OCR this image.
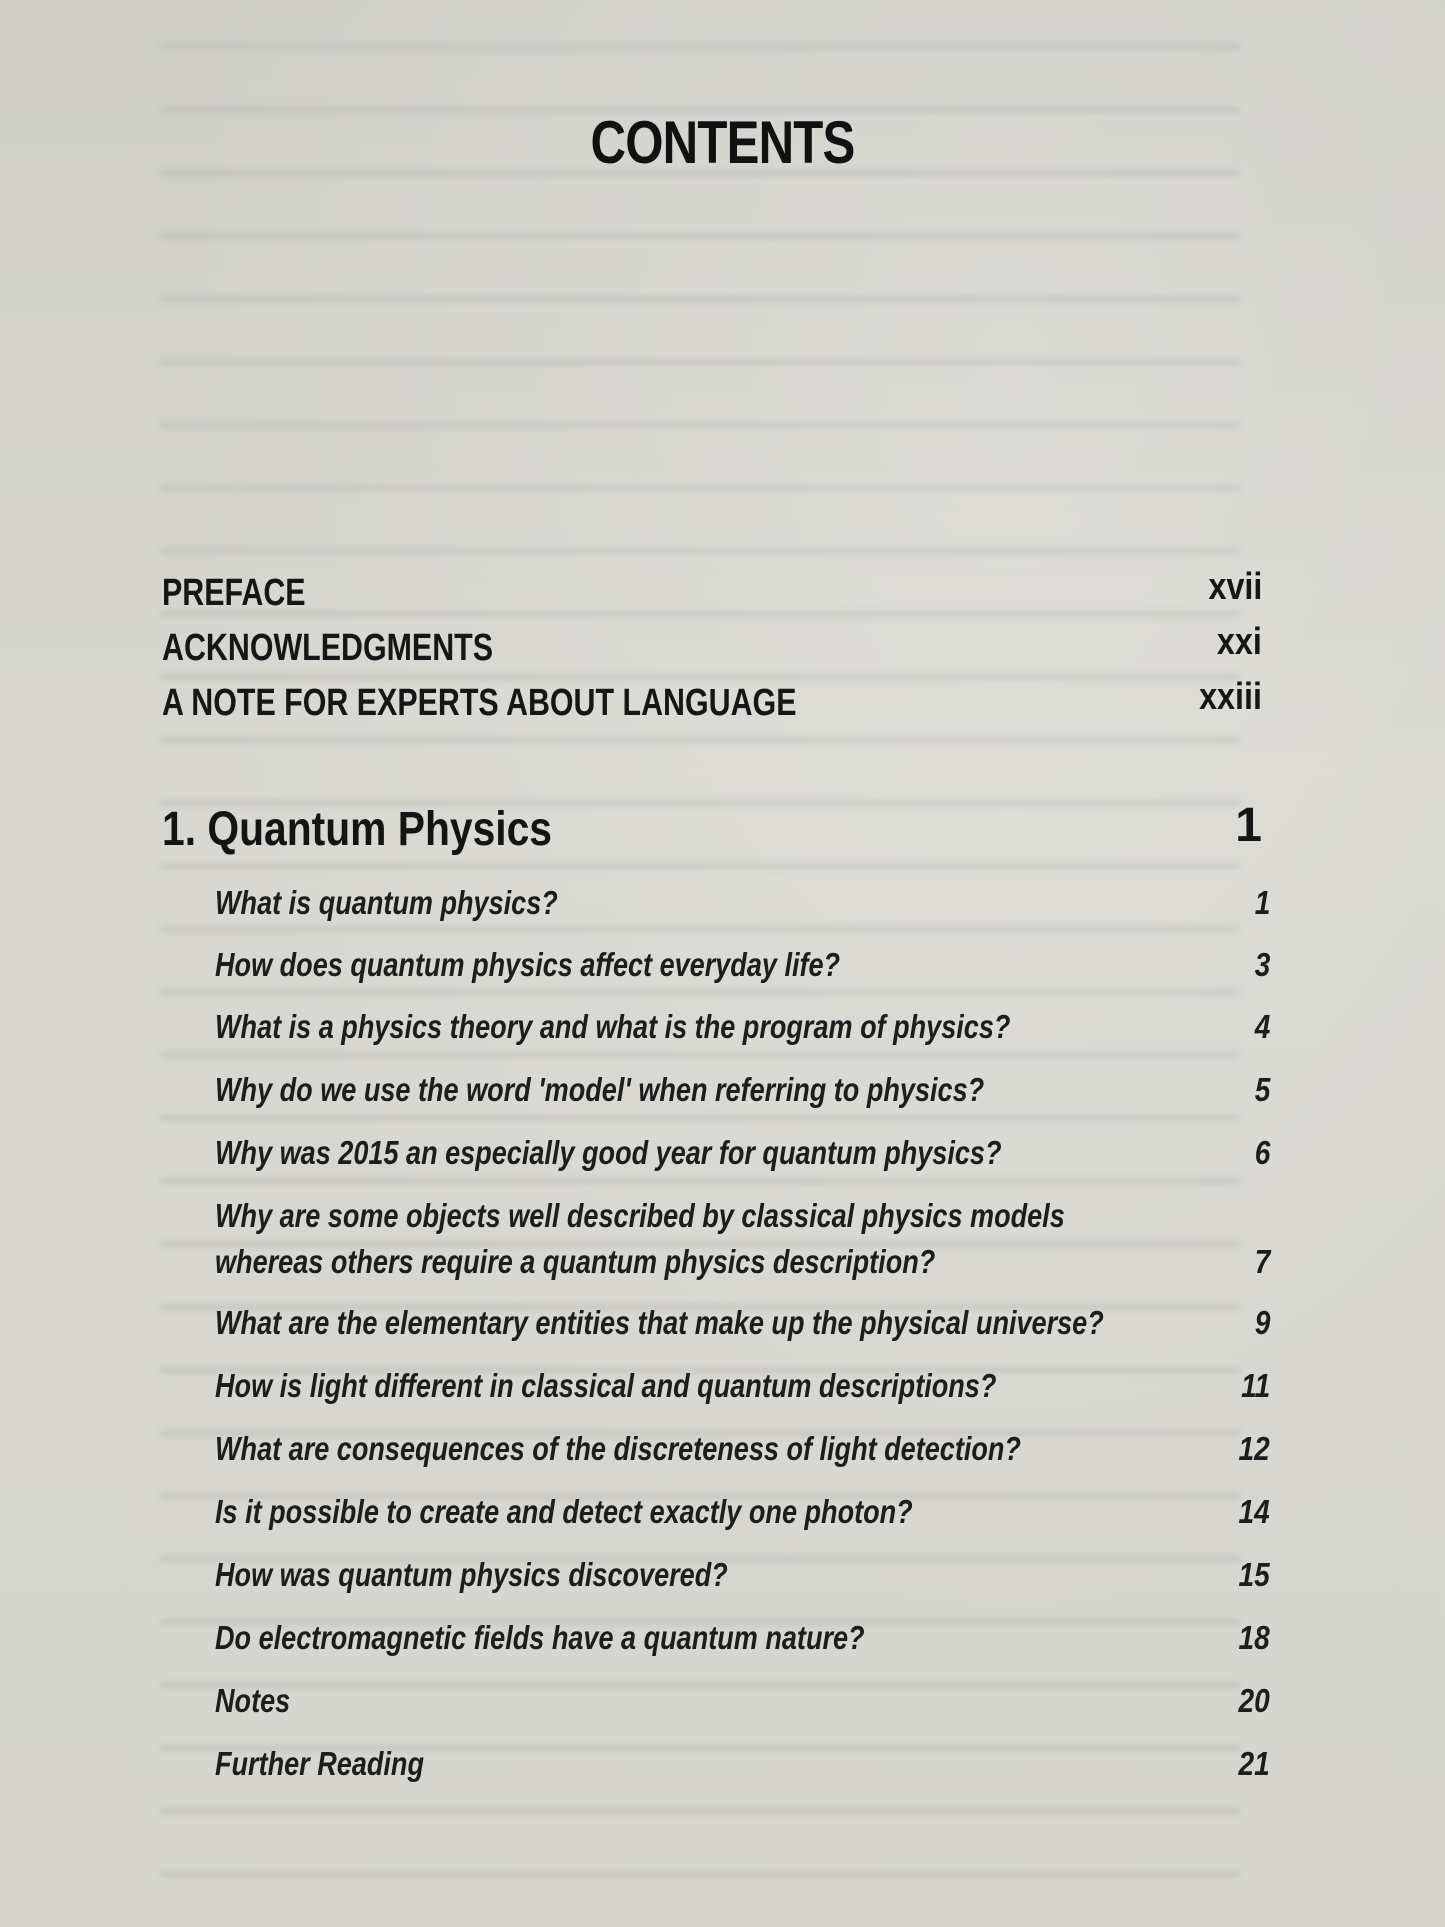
CONTENTS
PREFACE	xvii
ACKNOWLEDGMENTS	xxi
A NOTE FOR EXPERTS ABOUT LANGUAGE	xxiii
1. Quantum Physics	1
What is quantum physics?	1
How does quantum physics affect everyday life?	3
What is a physics theory and what is the program of physics?	4
Why do we use the word 'model' when referring to physics?	5
Why was 2015 an especially good year for quantum physics?	6
Why are some objects well described by classical physics models
whereas others require a quantum physics description?	7
What are the elementary entities that make up the physical universe?	9
How is light different in classical and quantum descriptions?	11
What are consequences of the discreteness of light detection?	12
Is it possible to create and detect exactly one photon?	14
How was quantum physics discovered?	15
Do electromagnetic fields have a quantum nature?	18
Notes	20
Further Reading	21
